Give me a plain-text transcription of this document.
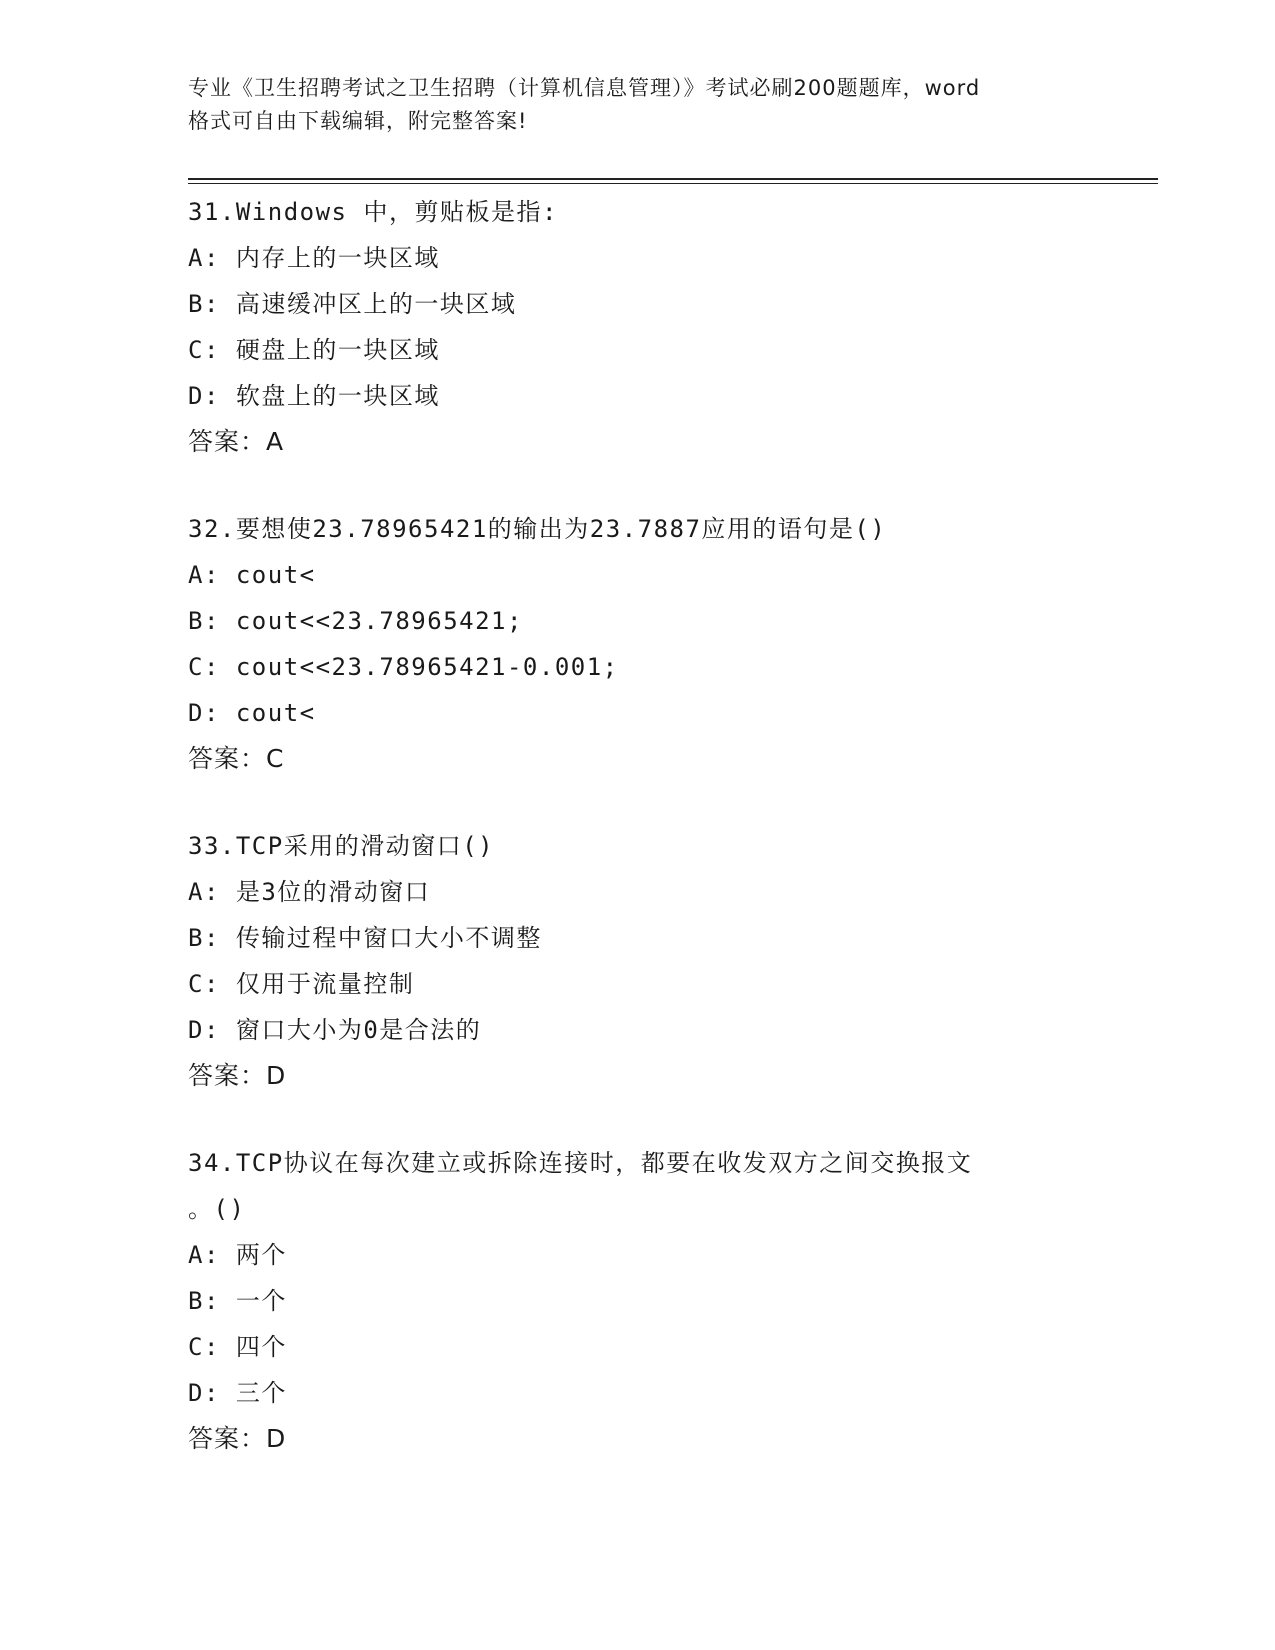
专业《卫生招聘考试之卫生招聘（计算机信息管理）》考试必刷200题题库，word
格式可自由下载编辑，附完整答案!
31.Windows 中，剪贴板是指:
A: 内存上的一块区域
B: 高速缓冲区上的一块区域
C: 硬盘上的一块区域
D: 软盘上的一块区域
答案：A
32.要想使23.78965421的输出为23.7887应用的语句是()
A: cout<
B: cout<<23.78965421;
C: cout<<23.78965421-0.001;
D: cout<
答案：C
33.TCP采用的滑动窗口()
A: 是3位的滑动窗口
B: 传输过程中窗口大小不调整
C: 仅用于流量控制
D: 窗口大小为0是合法的
答案：D
34.TCP协议在每次建立或拆除连接时，都要在收发双方之间交换报文
。()
A: 两个
B: 一个
C: 四个
D: 三个
答案：D
